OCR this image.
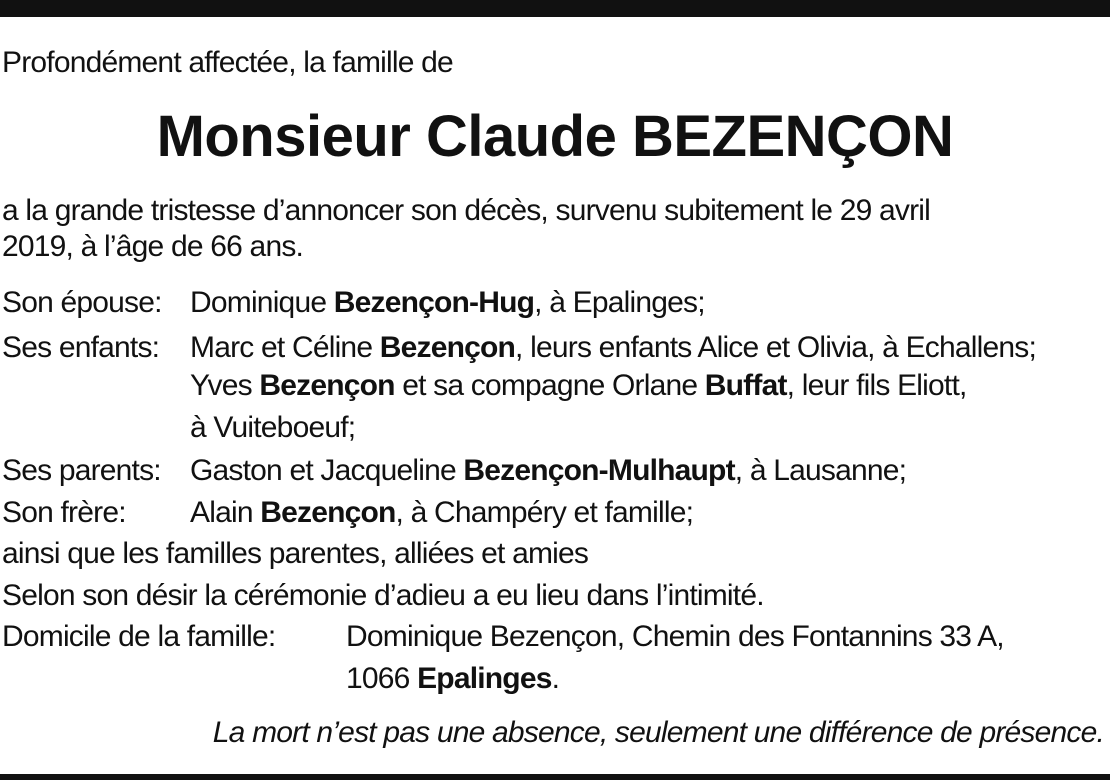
Profondément affectée, la famille de
Monsieur Claude BEZENÇON
a la grande tristesse d’annoncer son décès, survenu subitement le 29 avril
2019, à l’âge de 66 ans.
Son épouse: Dominique Bezençon-Hug, à Epalinges;
Ses enfants: Marc et Céline Bezençon, leurs enfants Alice et Olivia, à Echallens;
Yves Bezençon et sa compagne Orlane Buffat, leur fils Eliott,
à Vuiteboeuf;
Ses parents: Gaston et Jacqueline Bezençon-Mulhaupt, à Lausanne;
Son frère: Alain Bezençon, à Champéry et famille;
ainsi que les familles parentes, alliées et amies
Selon son désir la cérémonie d’adieu a eu lieu dans l’intimité.
Domicile de la famille: Dominique Bezençon, Chemin des Fontannins 33 A,
1066 Epalinges.
La mort n’est pas une absence, seulement une différence de présence.
